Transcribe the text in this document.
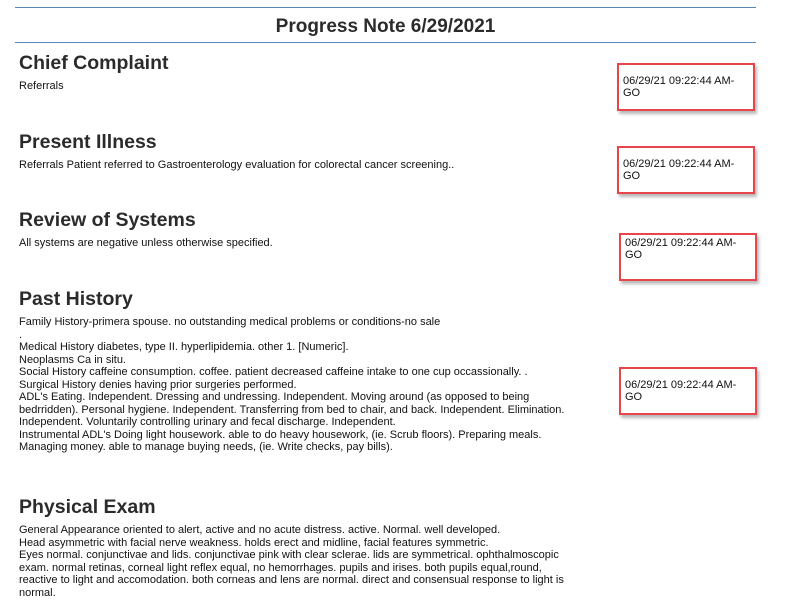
Progress Note 6/29/2021
Chief Complaint
Referrals
Present Illness
Referrals Patient referred to Gastroenterology evaluation for colorectal cancer screening..
Review of Systems
All systems are negative unless otherwise specified.
Past History
Family History-primera spouse. no outstanding medical problems or conditions-no sale
.
Medical History diabetes, type II. hyperlipidemia. other 1. [Numeric].
Neoplasms Ca in situ.
Social History caffeine consumption. coffee. patient decreased caffeine intake to one cup occassionally. .
Surgical History denies having prior surgeries performed.
ADL's Eating. Independent. Dressing and undressing. Independent. Moving around (as opposed to being
bedrridden). Personal hygiene. Independent. Transferring from bed to chair, and back. Independent. Elimination.
Independent. Voluntarily controlling urinary and fecal discharge. Independent.
Instrumental ADL's Doing light housework. able to do heavy housework, (ie. Scrub floors). Preparing meals.
Managing money. able to manage buying needs, (ie. Write checks, pay bills).
Physical Exam
General Appearance oriented to alert, active and no acute distress. active. Normal. well developed.
Head asymmetric with facial nerve weakness. holds erect and midline, facial features symmetric.
Eyes normal. conjunctivae and lids. conjunctivae pink with clear sclerae. lids are symmetrical. ophthalmoscopic
exam. normal retinas, corneal light reflex equal, no hemorrhages. pupils and irises. both pupils equal,round,
reactive to light and accomodation. both corneas and lens are normal. direct and consensual response to light is
normal.
06/29/21 09:22:44 AM-
GO
06/29/21 09:22:44 AM-
GO
06/29/21 09:22:44 AM-
GO
06/29/21 09:22:44 AM-
GO
